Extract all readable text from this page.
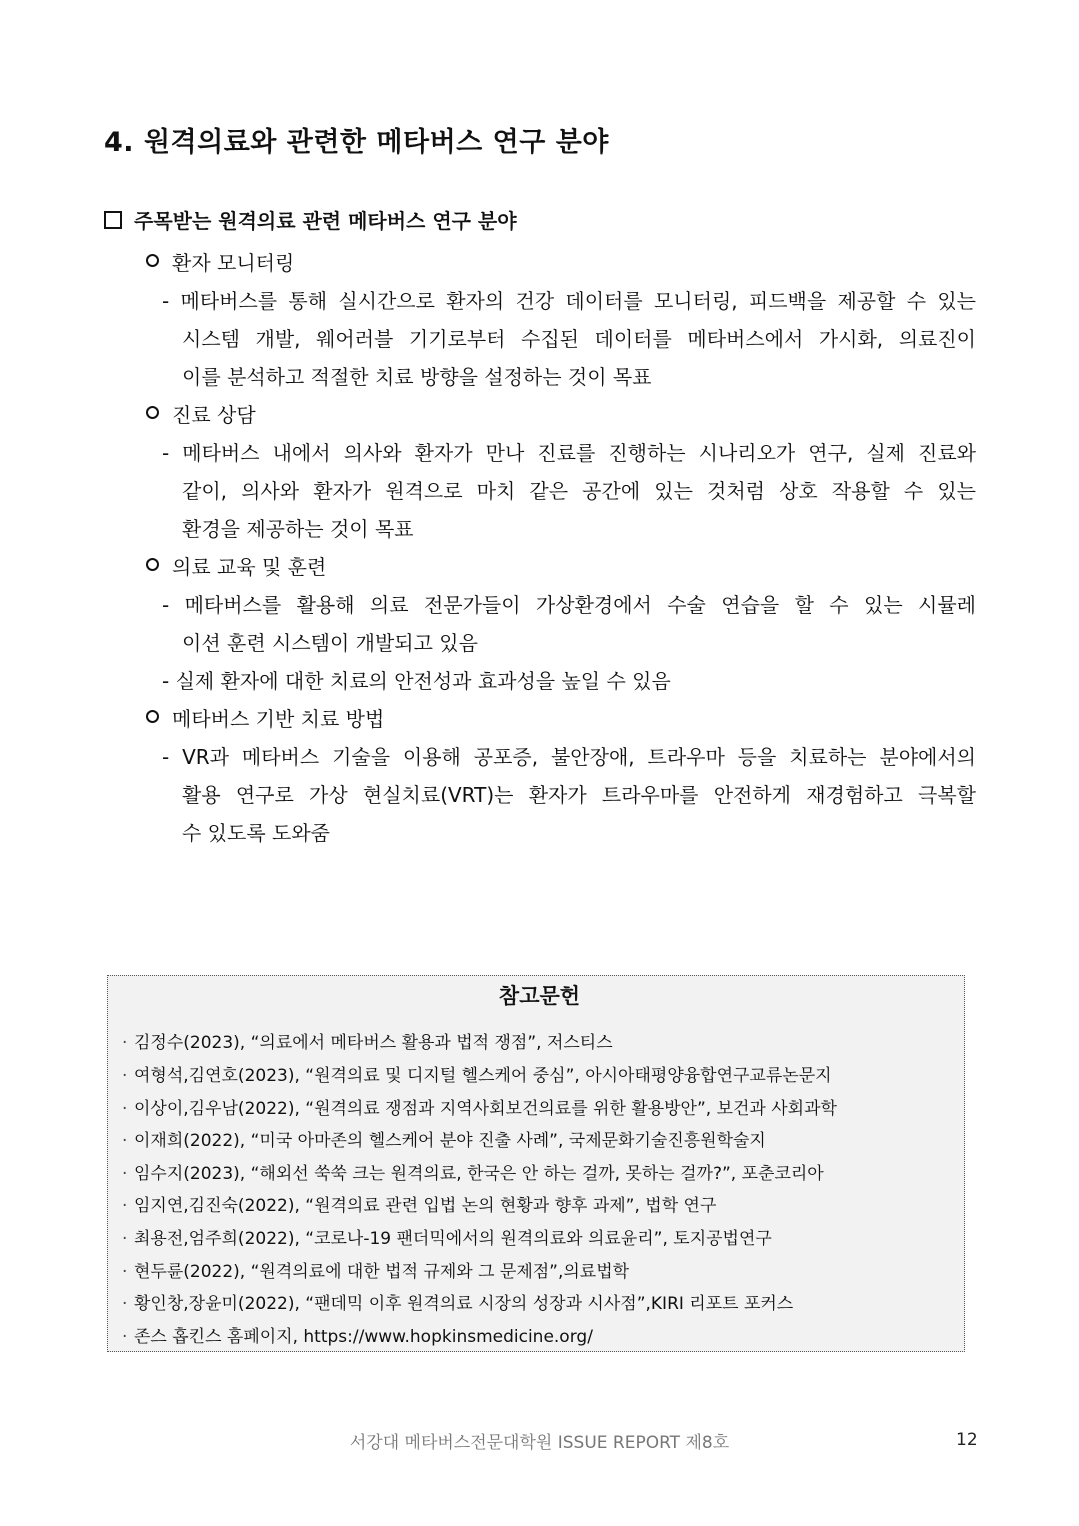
4. 원격의료와 관련한 메타버스 연구 분야
주목받는 원격의료 관련 메타버스 연구 분야
환자 모니터링
- 메타버스를 통해 실시간으로 환자의 건강 데이터를 모니터링, 피드백을 제공할 수 있는
시스템 개발, 웨어러블 기기로부터 수집된 데이터를 메타버스에서 가시화, 의료진이
이를 분석하고 적절한 치료 방향을 설정하는 것이 목표
진료 상담
- 메타버스 내에서 의사와 환자가 만나 진료를 진행하는 시나리오가 연구, 실제 진료와
같이, 의사와 환자가 원격으로 마치 같은 공간에 있는 것처럼 상호 작용할 수 있는
환경을 제공하는 것이 목표
의료 교육 및 훈련
- 메타버스를 활용해 의료 전문가들이 가상환경에서 수술 연습을 할 수 있는 시뮬레
이션 훈련 시스템이 개발되고 있음
- 실제 환자에 대한 치료의 안전성과 효과성을 높일 수 있음
메타버스 기반 치료 방법
- VR과 메타버스 기술을 이용해 공포증, 불안장애, 트라우마 등을 치료하는 분야에서의
활용 연구로 가상 현실치료(VRT)는 환자가 트라우마를 안전하게 재경험하고 극복할
수 있도록 도와줌
참고문헌
· 김정수(2023), “의료에서 메타버스 활용과 법적 쟁점”, 저스티스
· 여형석,김연호(2023), “원격의료 및 디지털 헬스케어 중심”, 아시아태평양융합연구교류논문지
· 이상이,김우남(2022), “원격의료 쟁점과 지역사회보건의료를 위한 활용방안”, 보건과 사회과학
· 이재희(2022), “미국 아마존의 헬스케어 분야 진출 사례”, 국제문화기술진흥원학술지
· 임수지(2023), “해외선 쑥쑥 크는 원격의료, 한국은 안 하는 걸까, 못하는 걸까?”, 포춘코리아
· 임지연,김진숙(2022), “원격의료 관련 입법 논의 현황과 향후 과제”, 법학 연구
· 최용전,엄주희(2022), “코로나-19 팬더믹에서의 원격의료와 의료윤리”, 토지공법연구
· 현두륜(2022), “원격의료에 대한 법적 규제와 그 문제점”,의료법학
· 황인창,장윤미(2022), “팬데믹 이후 원격의료 시장의 성장과 시사점”,KIRI 리포트 포커스
· 존스 홉킨스 홈페이지, https://www.hopkinsmedicine.org/
서강대 메타버스전문대학원 ISSUE REPORT 제8호	12
